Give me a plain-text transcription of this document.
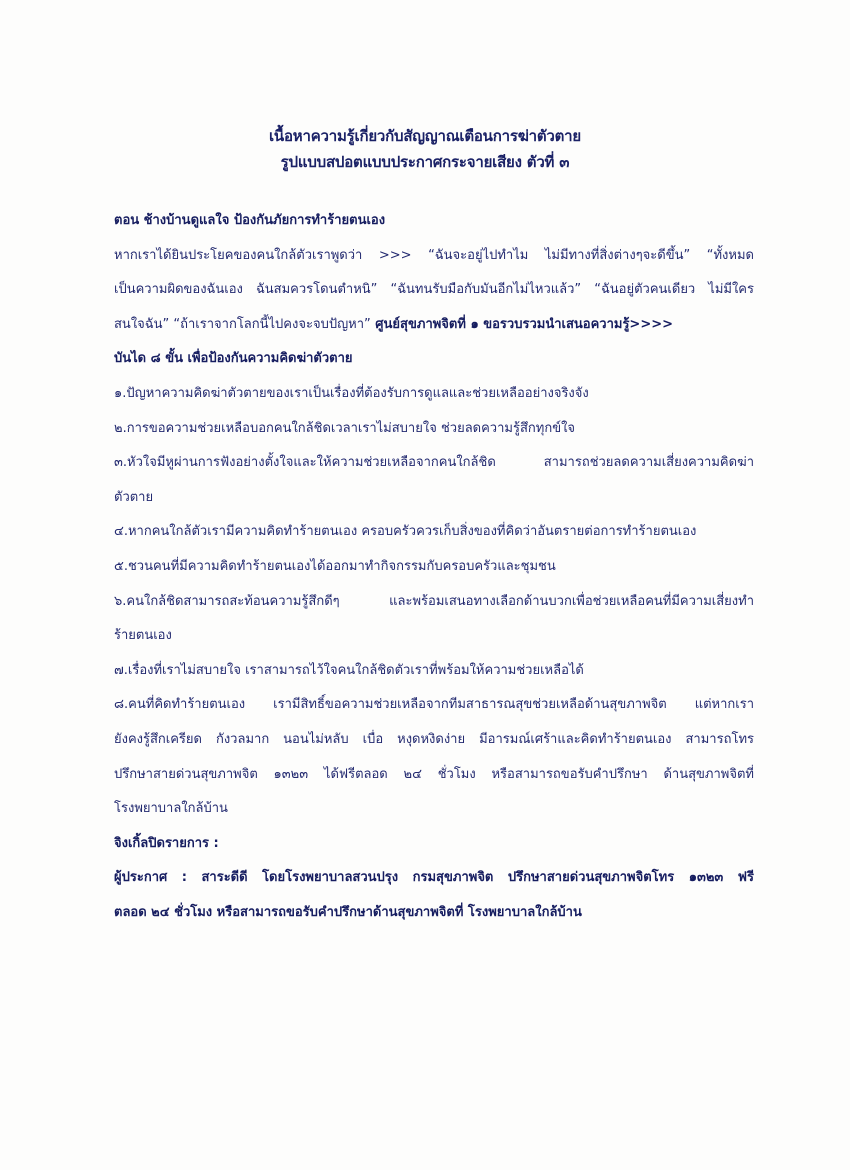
เนื้อหาความรู้เกี่ยวกับสัญญาณเตือนการฆ่าตัวตาย
รูปแบบสปอตแบบประกาศกระจายเสียง ตัวที่ ๓
ตอน ช้างบ้านดูแลใจ ป้องกันภัยการทำร้ายตนเอง
หากเราได้ยินประโยคของคนใกล้ตัวเราพูดว่า >>> “ฉันจะอยู่ไปทำไม ไม่มีทางที่สิ่งต่างๆจะดีขึ้น” “ทั้งหมด
เป็นความผิดของฉันเอง ฉันสมควรโดนตำหนิ” “ฉันทนรับมือกับมันอีกไม่ไหวแล้ว” “ฉันอยู่ตัวคนเดียว ไม่มีใคร
สนใจฉัน” “ถ้าเราจากโลกนี้ไปคงจะจบปัญหา” ศูนย์สุขภาพจิตที่ ๑ ขอรวบรวมนำเสนอความรู้>>>>
บันได ๘ ขั้น เพื่อป้องกันความคิดฆ่าตัวตาย
๑.ปัญหาความคิดฆ่าตัวตายของเราเป็นเรื่องที่ต้องรับการดูแลและช่วยเหลืออย่างจริงจัง
๒.การขอความช่วยเหลือบอกคนใกล้ชิดเวลาเราไม่สบายใจ ช่วยลดความรู้สึกทุกข์ใจ
๓.หัวใจมีหูผ่านการฟังอย่างตั้งใจและให้ความช่วยเหลือจากคนใกล้ชิด สามารถช่วยลดความเสี่ยงความคิดฆ่า
ตัวตาย
๔.หากคนใกล้ตัวเรามีความคิดทำร้ายตนเอง ครอบครัวควรเก็บสิ่งของที่คิดว่าอันตรายต่อการทำร้ายตนเอง
๕.ชวนคนที่มีความคิดทำร้ายตนเองได้ออกมาทำกิจกรรมกับครอบครัวและชุมชน
๖.คนใกล้ชิดสามารถสะท้อนความรู้สึกดีๆ และพร้อมเสนอทางเลือกด้านบวกเพื่อช่วยเหลือคนที่มีความเสี่ยงทำ
ร้ายตนเอง
๗.เรื่องที่เราไม่สบายใจ เราสามารถไว้ใจคนใกล้ชิดตัวเราที่พร้อมให้ความช่วยเหลือได้
๘.คนที่คิดทำร้ายตนเอง เรามีสิทธิ์ขอความช่วยเหลือจากทีมสาธารณสุขช่วยเหลือด้านสุขภาพจิต แต่หากเรา
ยังคงรู้สึกเครียด กังวลมาก นอนไม่หลับ เบื่อ หงุดหงิดง่าย มีอารมณ์เศร้าและคิดทำร้ายตนเอง สามารถโทร
ปรึกษาสายด่วนสุขภาพจิต ๑๓๒๓ ได้ฟรีตลอด ๒๔ ชั่วโมง หรือสามารถขอรับคำปรึกษา ด้านสุขภาพจิตที่
โรงพยาบาลใกล้บ้าน
จิงเกิ้ลปิดรายการ :
ผู้ประกาศ : สาระดีดี โดยโรงพยาบาลสวนปรุง กรมสุขภาพจิต ปรึกษาสายด่วนสุขภาพจิตโทร ๑๓๒๓ ฟรี
ตลอด ๒๔ ชั่วโมง หรือสามารถขอรับคำปรึกษาด้านสุขภาพจิตที่ โรงพยาบาลใกล้บ้าน
